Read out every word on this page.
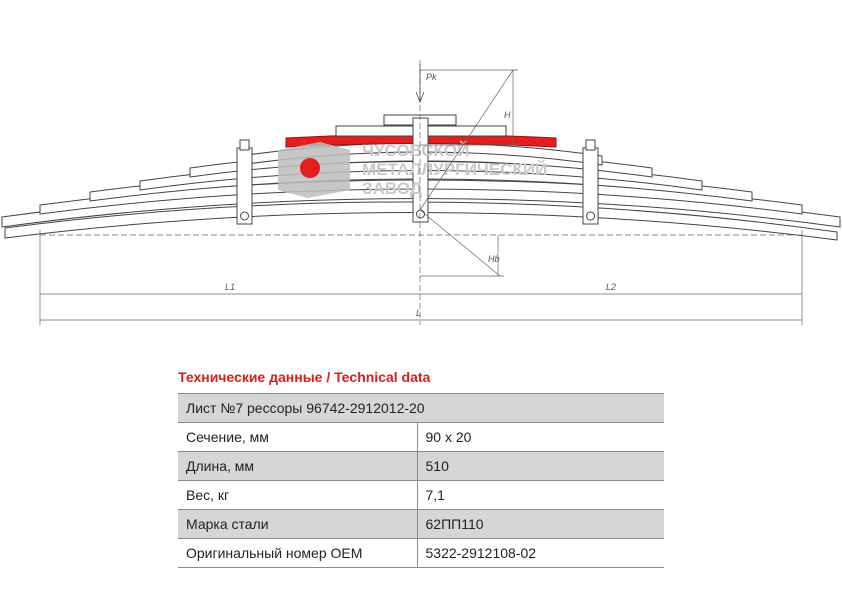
ЧУСОВСКОЙ
МЕТАЛЛУРГИЧЕСКИЙ
ЗАВОД
Pk
H
Hb
L1	L2
L
Технические данные / Technical data
Лист №7 рессоры 96742-2912012-20	
Сечение, мм	90 x 20
Длина, мм	510
Вес, кг	7,1
Марка стали	62ПП110
Оригинальный номер OEM	5322-2912108-02
